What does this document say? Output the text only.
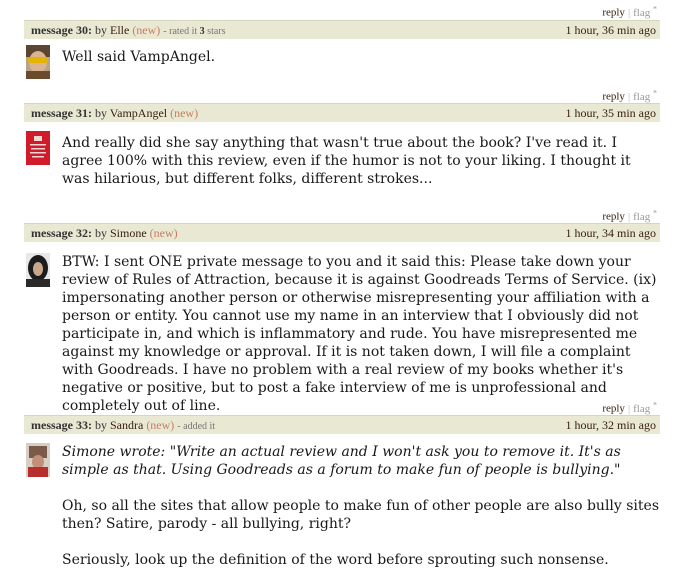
reply | flag *
message 30: by Elle (new) - rated it 3 stars	1 hour, 36 min ago

Well said VampAngel.

reply | flag *
message 31: by VampAngel (new)	1 hour, 35 min ago

And really did she say anything that wasn't true about the book? I've read it. I agree 100% with this review, even if the humor is not to your liking. I thought it was hilarious, but different folks, different strokes...

reply | flag *
message 32: by Simone (new)	1 hour, 34 min ago

BTW: I sent ONE private message to you and it said this: Please take down your review of Rules of Attraction, because it is against Goodreads Terms of Service. (ix) impersonating another person or otherwise misrepresenting your affiliation with a person or entity. You cannot use my name in an interview that I obviously did not participate in, and which is inflammatory and rude. You have misrepresented me against my knowledge or approval. If it is not taken down, I will file a complaint with Goodreads. I have no problem with a real review of my books whether it's negative or positive, but to post a fake interview of me is unprofessional and completely out of line.	reply | flag *
message 33: by Sandra (new) - added it	1 hour, 32 min ago

Simone wrote: "Write an actual review and I won't ask you to remove it. It's as simple as that. Using Goodreads as a forum to make fun of people is bullying."

Oh, so all the sites that allow people to make fun of other people are also bully sites then? Satire, parody - all bullying, right?

Seriously, look up the definition of the word before sprouting such nonsense.
